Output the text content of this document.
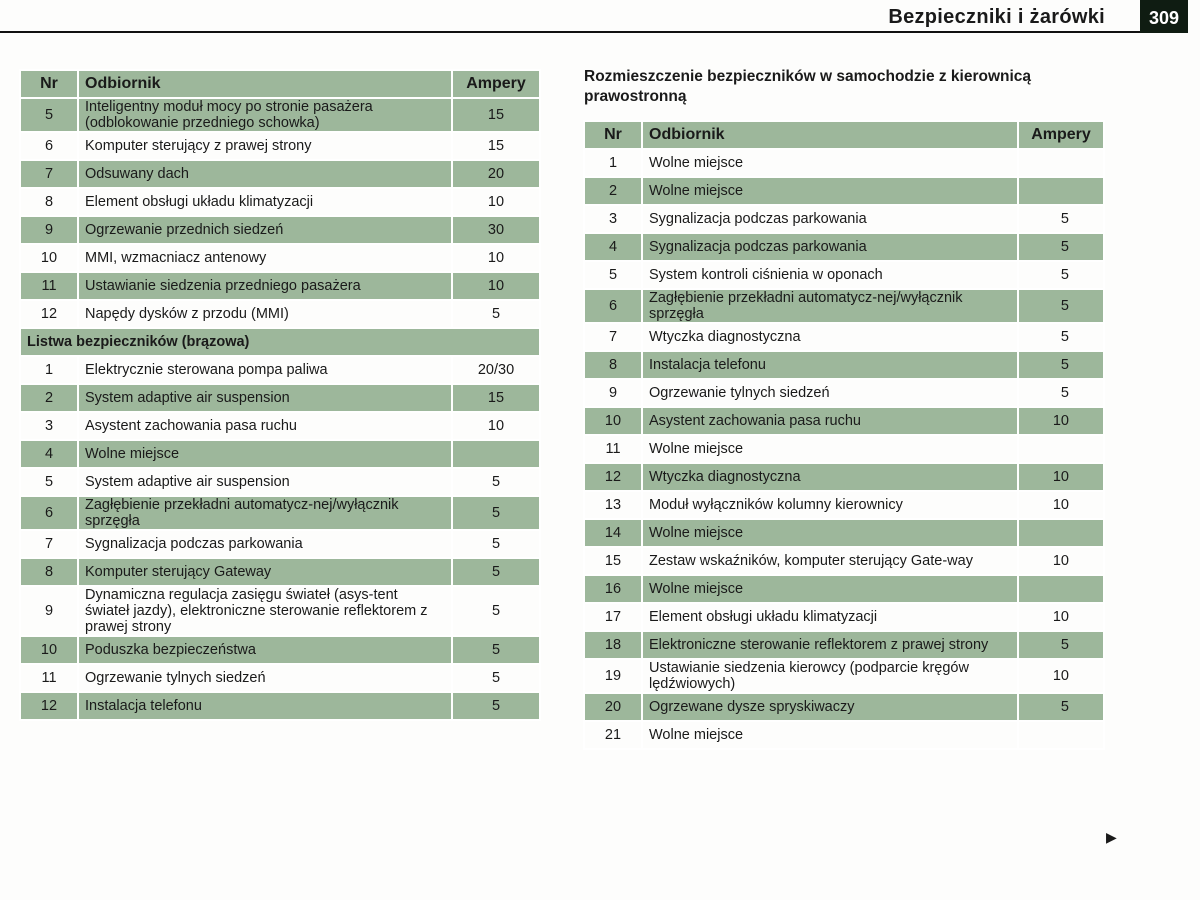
Bezpieczniki i żarówki	309
Nr	Odbiornik	Ampery
5	Inteligentny moduł mocy po stronie pasażera (odblokowanie przedniego schowka)	15
6	Komputer sterujący z prawej strony	15
7	Odsuwany dach	20
8	Element obsługi układu klimatyzacji	10
9	Ogrzewanie przednich siedzeń	30
10	MMI, wzmacniacz antenowy	10
11	Ustawianie siedzenia przedniego pasażera	10
12	Napędy dysków z przodu (MMI)	5
Listwa bezpieczników (brązowa)		
1	Elektrycznie sterowana pompa paliwa	20/30
2	System adaptive air suspension	15
3	Asystent zachowania pasa ruchu	10
4	Wolne miejsce	
5	System adaptive air suspension	5
6	Zagłębienie przekładni automatycz-nej/wyłącznik sprzęgła	5
7	Sygnalizacja podczas parkowania	5
8	Komputer sterujący Gateway	5
9	Dynamiczna regulacja zasięgu świateł (asys-tent świateł jazdy), elektroniczne sterowanie reflektorem z prawej strony	5
10	Poduszka bezpieczeństwa	5
11	Ogrzewanie tylnych siedzeń	5
12	Instalacja telefonu	5
Rozmieszczenie bezpieczników w samochodzie z kierownicą prawostronną
Nr	Odbiornik	Ampery
1	Wolne miejsce	
2	Wolne miejsce	
3	Sygnalizacja podczas parkowania	5
4	Sygnalizacja podczas parkowania	5
5	System kontroli ciśnienia w oponach	5
6	Zagłębienie przekładni automatycz-nej/wyłącznik sprzęgła	5
7	Wtyczka diagnostyczna	5
8	Instalacja telefonu	5
9	Ogrzewanie tylnych siedzeń	5
10	Asystent zachowania pasa ruchu	10
11	Wolne miejsce	
12	Wtyczka diagnostyczna	10
13	Moduł wyłączników kolumny kierownicy	10
14	Wolne miejsce	
15	Zestaw wskaźników, komputer sterujący Gate-way	10
16	Wolne miejsce	
17	Element obsługi układu klimatyzacji	10
18	Elektroniczne sterowanie reflektorem z prawej strony	5
19	Ustawianie siedzenia kierowcy (podparcie kręgów lędźwiowych)	10
20	Ogrzewane dysze spryskiwaczy	5
21	Wolne miejsce	
▶
